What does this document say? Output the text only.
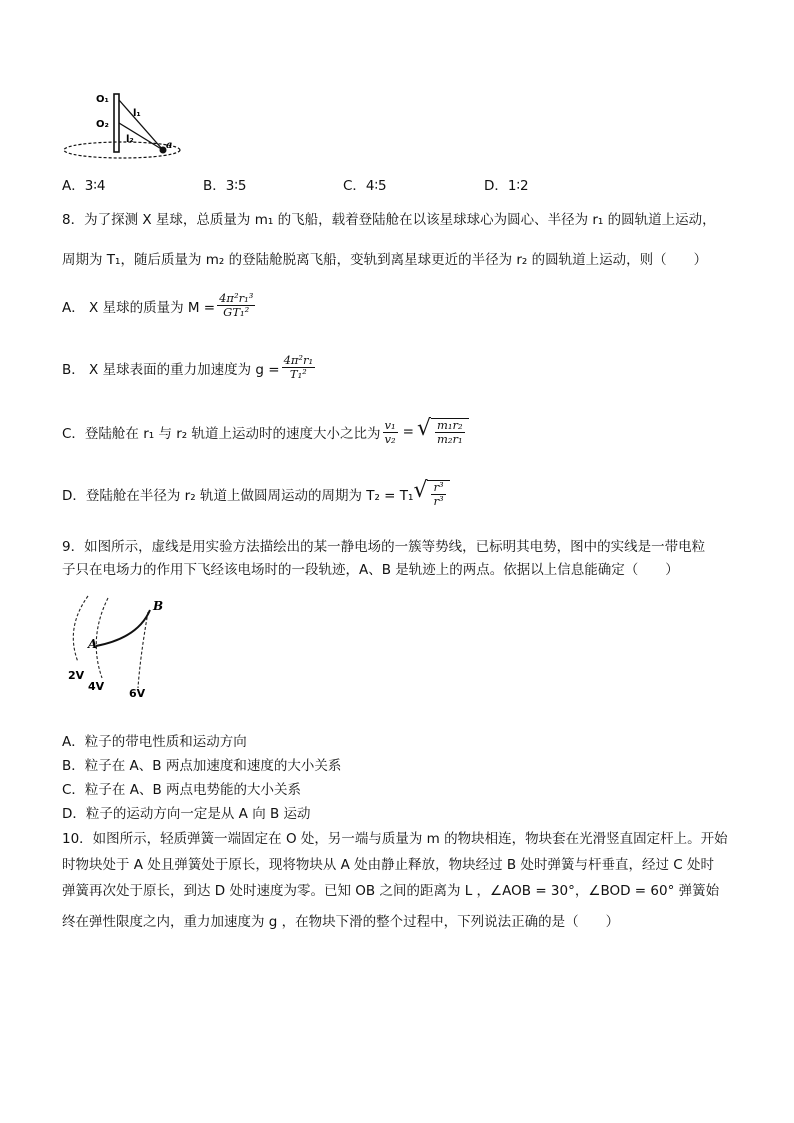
O₁
O₂
l₁
l₂
a
A．3∶4	B．3∶5	C．4∶5	D．1∶2
8．为了探测 X 星球，总质量为 m₁ 的飞船，载着登陆舱在以该星球球心为圆心、半径为 r₁ 的圆轨道上运动，
周期为 T₁，随后质量为 m₂ 的登陆舱脱离飞船，变轨到离星球更近的半径为 r₂ 的圆轨道上运动，则（　　）
A． X 星球的质量为 $M = \frac{\text{4π²r₁³}}{\text{GT₁²}}$
B． X 星球表面的重力加速度为 $g = \frac{\text{4π²r₁}}{\text{T₁²}}$
C．登陆舱在 r₁ 与 r₂ 轨道上运动时的速度大小之比为 $\frac{\text{v₁}}{\text{v₂}}$ = √ $\frac{\text{m₁r₂}}{\text{m₂r₁}}$
D．登陆舱在半径为 r₂ 轨道上做圆周运动的周期为 T₂ = T₁ √ $\frac{\text{r³}}{\text{r³}}$
9．如图所示，虚线是用实验方法描绘出的某一静电场的一簇等势线，已标明其电势，图中的实线是一带电粒
子只在电场力的作用下飞经该电场时的一段轨迹，A、B 是轨迹上的两点。依据以上信息能确定（　　）
A
B
2V
4V
6V
A．粒子的带电性质和运动方向
B．粒子在 A、B 两点加速度和速度的大小关系
C．粒子在 A、B 两点电势能的大小关系
D．粒子的运动方向一定是从 A 向 B 运动
10．如图所示，轻质弹簧一端固定在 O 处，另一端与质量为 m 的物块相连，物块套在光滑竖直固定杆上。开始
时物块处于 A 处且弹簧处于原长，现将物块从 A 处由静止释放，物块经过 B 处时弹簧与杆垂直，经过 C 处时
弹簧再次处于原长，到达 D 处时速度为零。已知 OB 之间的距离为 L ，∠AOB = 30°，∠BOD = 60° 弹簧始
终在弹性限度之内，重力加速度为 g ，在物块下滑的整个过程中，下列说法正确的是（　　）
